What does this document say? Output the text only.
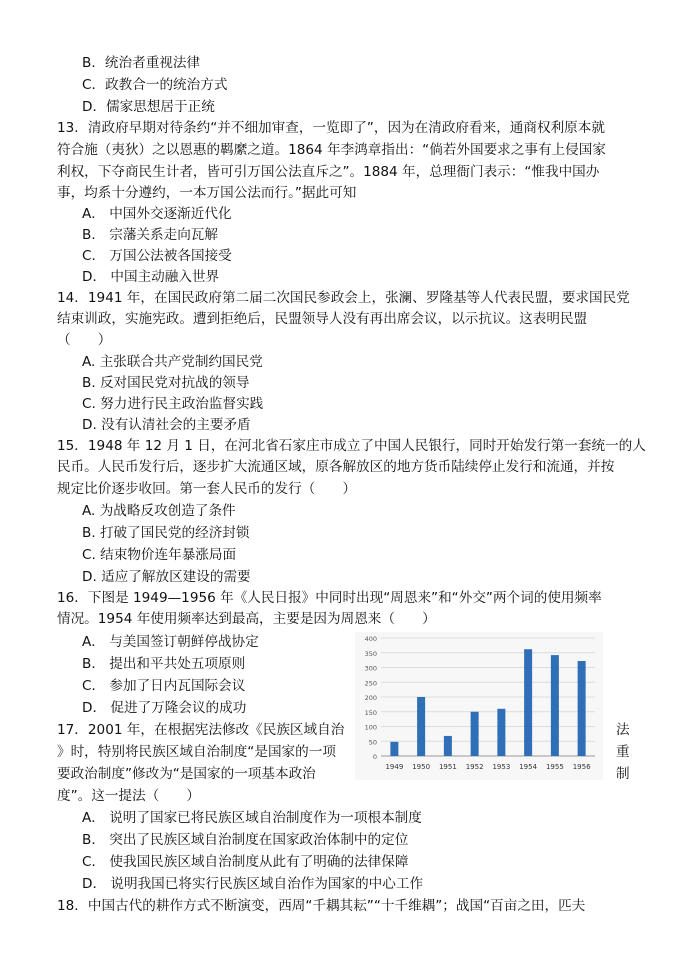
B．统治者重视法律
C．政教合一的统治方式
D．儒家思想居于正统
13．清政府早期对待条约“并不细加审查，一览即了”，因为在清政府看来，通商权利原本就
符合施（夷狄）之以恩惠的羁縻之道。1864 年李鸿章指出：“倘若外国要求之事有上侵国家
利权，下夺商民生计者，皆可引万国公法直斥之”。1884 年，总理衙门表示：“惟我中国办
事，均系十分遵约，一本万国公法而行。”据此可知
A． 中国外交逐渐近代化
B． 宗藩关系走向瓦解
C． 万国公法被各国接受
D． 中国主动融入世界
14．1941 年，在国民政府第二届二次国民参政会上，张澜、罗隆基等人代表民盟，要求国民党
结束训政，实施宪政。遭到拒绝后，民盟领导人没有再出席会议，以示抗议。这表明民盟
（　　）
A. 主张联合共产党制约国民党
B. 反对国民党对抗战的领导
C. 努力进行民主政治监督实践
D. 没有认清社会的主要矛盾
15．1948 年 12 月 1 日，在河北省石家庄市成立了中国人民银行，同时开始发行第一套统一的人
民币。人民币发行后，逐步扩大流通区域，原各解放区的地方货币陆续停止发行和流通，并按
规定比价逐步收回。第一套人民币的发行（　　）
A. 为战略反攻创造了条件
B. 打破了国民党的经济封锁
C. 结束物价连年暴涨局面
D. 适应了解放区建设的需要
16．下图是 1949—1956 年《人民日报》中同时出现“周恩来”和“外交”两个词的使用频率
情况。1954 年使用频率达到最高，主要是因为周恩来（　　）
A． 与美国签订朝鲜停战协定
B． 提出和平共处五项原则
C． 参加了日内瓦国际会议
D． 促进了万隆会议的成功
17．2001 年，在根据宪法修改《民族区域自治
》时，特别将民族区域自治制度“是国家的一项
要政治制度”修改为“是国家的一项基本政治
度”。这一提法（　　）
A． 说明了国家已将民族区域自治制度作为一项根本制度
B． 突出了民族区域自治制度在国家政治体制中的定位
C． 使我国民族区域自治制度从此有了明确的法律保障
D． 说明我国已将实行民族区域自治作为国家的中心工作
18．中国古代的耕作方式不断演变，西周“千耦其耘”“十千维耦”；战国“百亩之田，匹夫
法
重
制
0
50
100
150
200
250
300
350
400
1949 1950 1951 1952 1953 1954 1955 1956
